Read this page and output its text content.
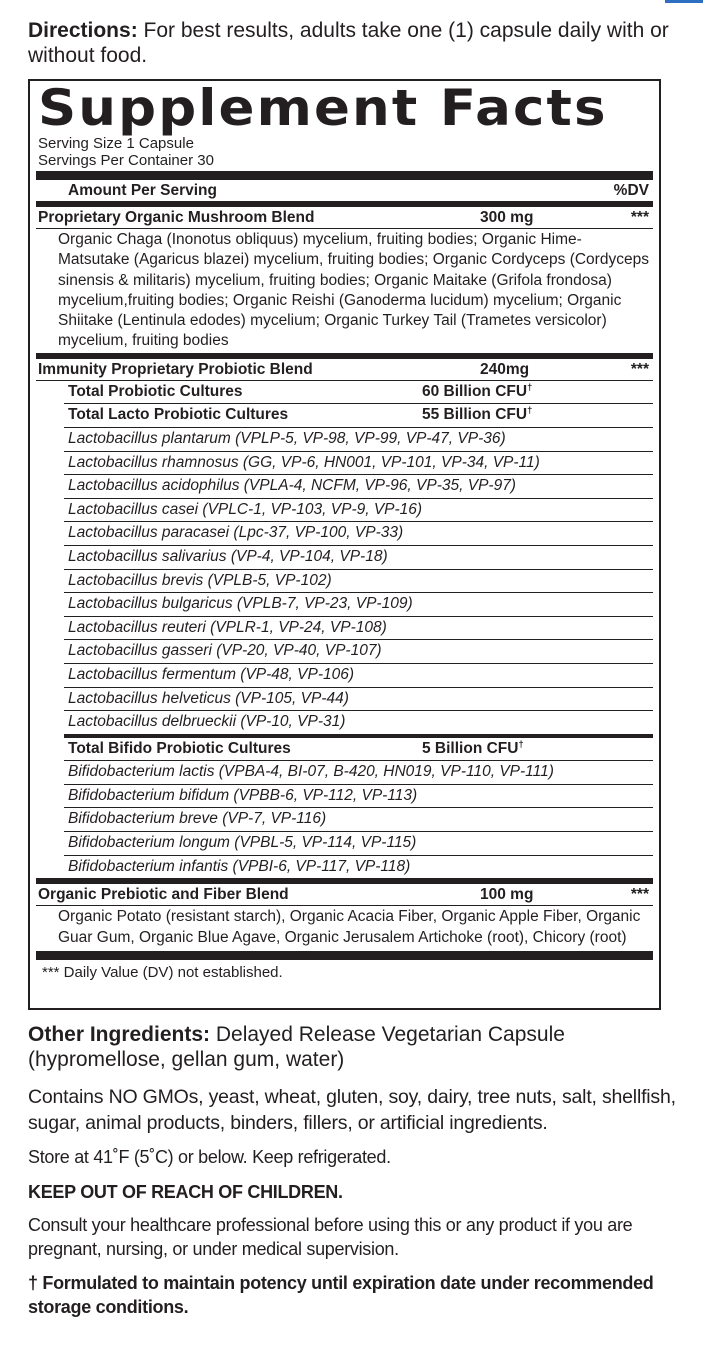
Directions: For best results, adults take one (1) capsule daily with or without food.
Supplement Facts
Serving Size 1 Capsule
Servings Per Container 30
Amount Per Serving	%DV
Proprietary Organic Mushroom Blend	300 mg	***
Organic Chaga (Inonotus obliquus) mycelium, fruiting bodies; Organic Hime-Matsutake (Agaricus blazei) mycelium, fruiting bodies; Organic Cordyceps (Cordyceps sinensis & militaris) mycelium, fruiting bodies; Organic Maitake (Grifola frondosa) mycelium,fruiting bodies; Organic Reishi (Ganoderma lucidum) mycelium; Organic Shiitake (Lentinula edodes) mycelium; Organic Turkey Tail (Trametes versicolor) mycelium, fruiting bodies
Immunity Proprietary Probiotic Blend	240mg	***
Total Probiotic Cultures	60 Billion CFU†
Total Lacto Probiotic Cultures	55 Billion CFU†
Lactobacillus plantarum (VPLP-5, VP-98, VP-99, VP-47, VP-36)
Lactobacillus rhamnosus (GG, VP-6, HN001, VP-101, VP-34, VP-11)
Lactobacillus acidophilus (VPLA-4, NCFM, VP-96, VP-35, VP-97)
Lactobacillus casei (VPLC-1, VP-103, VP-9, VP-16)
Lactobacillus paracasei (Lpc-37, VP-100, VP-33)
Lactobacillus salivarius (VP-4, VP-104, VP-18)
Lactobacillus brevis (VPLB-5, VP-102)
Lactobacillus bulgaricus (VPLB-7, VP-23, VP-109)
Lactobacillus reuteri (VPLR-1, VP-24, VP-108)
Lactobacillus gasseri (VP-20, VP-40, VP-107)
Lactobacillus fermentum (VP-48, VP-106)
Lactobacillus helveticus (VP-105, VP-44)
Lactobacillus delbrueckii (VP-10, VP-31)
Total Bifido Probiotic Cultures	5 Billion CFU†
Bifidobacterium lactis (VPBA-4, BI-07, B-420, HN019, VP-110, VP-111)
Bifidobacterium bifidum (VPBB-6, VP-112, VP-113)
Bifidobacterium breve (VP-7, VP-116)
Bifidobacterium longum (VPBL-5, VP-114, VP-115)
Bifidobacterium infantis (VPBI-6, VP-117, VP-118)
Organic Prebiotic and Fiber Blend	100 mg	***
Organic Potato (resistant starch), Organic Acacia Fiber, Organic Apple Fiber, Organic Guar Gum, Organic Blue Agave, Organic Jerusalem Artichoke (root), Chicory (root)
*** Daily Value (DV) not established.
Other Ingredients: Delayed Release Vegetarian Capsule (hypromellose, gellan gum, water)
Contains NO GMOs, yeast, wheat, gluten, soy, dairy, tree nuts, salt, shellfish, sugar, animal products, binders, fillers, or artificial ingredients.
Store at 41˚F (5˚C) or below. Keep refrigerated.
KEEP OUT OF REACH OF CHILDREN.
Consult your healthcare professional before using this or any product if you are pregnant, nursing, or under medical supervision.
† Formulated to maintain potency until expiration date under recommended storage conditions.
